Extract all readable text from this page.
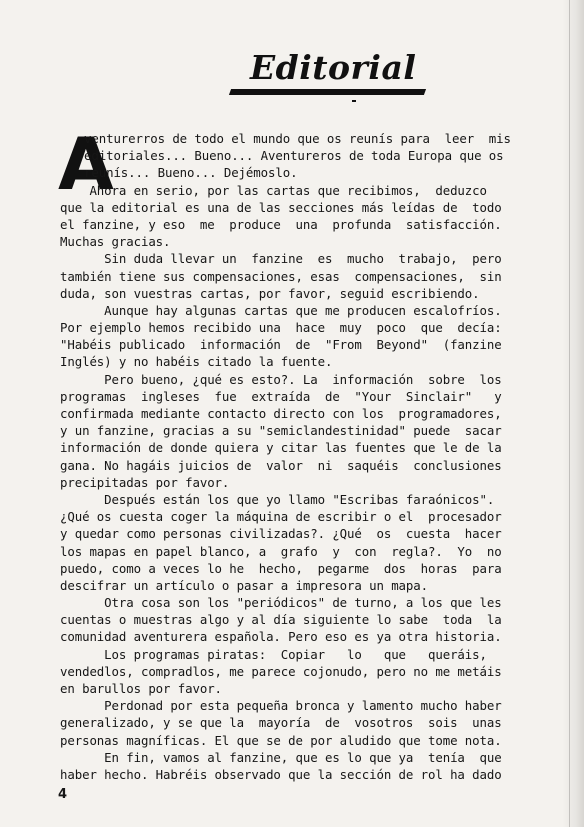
Editorial
A
venturerros de todo el mundo que os reunís para  leer  mis
editoriales... Bueno... Aventureros de toda Europa que os
reunís... Bueno... Dejémoslo.
Ahora en serio, por las cartas que recibimos,  deduzco
que la editorial es una de las secciones más leídas de  todo
el fanzine, y eso  me  produce  una  profunda  satisfacción.
Muchas gracias.
Sin duda llevar un  fanzine  es  mucho  trabajo,  pero
también tiene sus compensaciones, esas  compensaciones,  sin
duda, son vuestras cartas, por favor, seguid escribiendo.
Aunque hay algunas cartas que me producen escalofríos.
Por ejemplo hemos recibido una  hace  muy  poco  que  decía:
"Habéis publicado  información  de  "From  Beyond"  (fanzine
Inglés) y no habéis citado la fuente.
Pero bueno, ¿qué es esto?. La  información  sobre  los
programas  ingleses  fue  extraída  de  "Your  Sinclair"   y
confirmada mediante contacto directo con los  programadores,
y un fanzine, gracias a su "semiclandestinidad" puede  sacar
información de donde quiera y citar las fuentes que le de la
gana. No hagáis juicios de  valor  ni  saquéis  conclusiones
precipitadas por favor.
Después están los que yo llamo "Escribas faraónicos".
¿Qué os cuesta coger la máquina de escribir o el  procesador
y quedar como personas civilizadas?. ¿Qué  os  cuesta  hacer
los mapas en papel blanco, a  grafo  y  con  regla?.  Yo  no
puedo, como a veces lo he  hecho,  pegarme  dos  horas  para
descifrar un artículo o pasar a impresora un mapa.
Otra cosa son los "periódicos" de turno, a los que les
cuentas o muestras algo y al día siguiente lo sabe  toda  la
comunidad aventurera española. Pero eso es ya otra historia.
Los programas piratas:  Copiar   lo   que   queráis,
vendedlos, compradlos, me parece cojonudo, pero no me metáis
en barullos por favor.
Perdonad por esta pequeña bronca y lamento mucho haber
generalizado, y se que la  mayoría  de  vosotros  sois  unas
personas magníficas. El que se de por aludido que tome nota.
En fin, vamos al fanzine, que es lo que ya  tenía  que
haber hecho. Habréis observado que la sección de rol ha dado
4
